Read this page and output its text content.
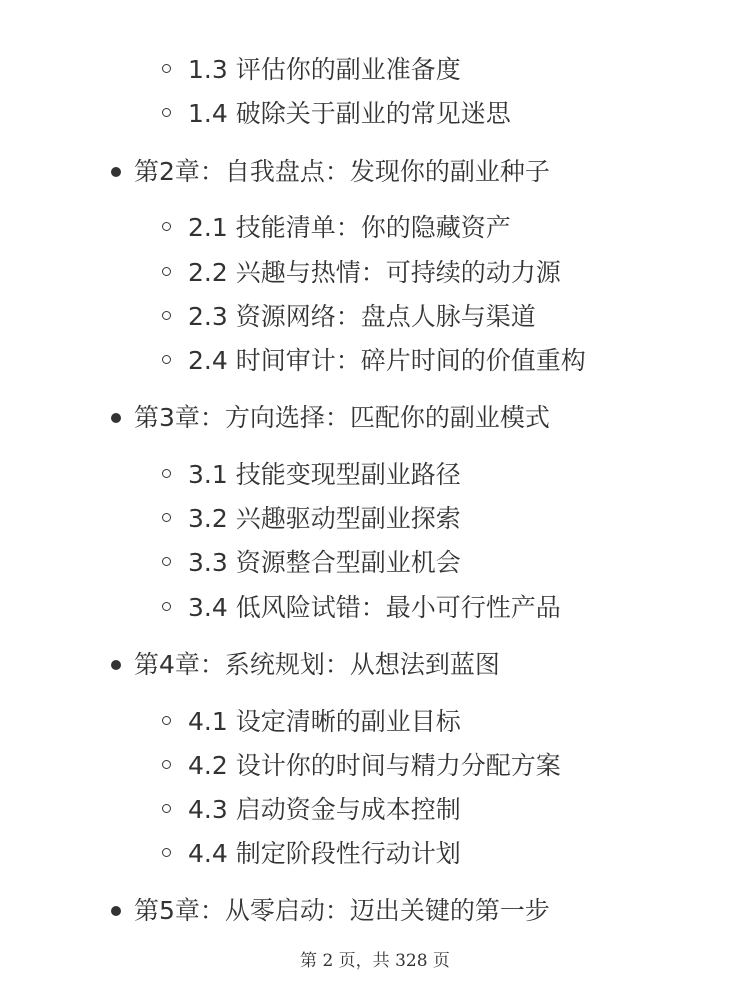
1.3 评估你的副业准备度
1.4 破除关于副业的常见迷思
第2章：自我盘点：发现你的副业种子
2.1 技能清单：你的隐藏资产
2.2 兴趣与热情：可持续的动力源
2.3 资源网络：盘点人脉与渠道
2.4 时间审计：碎片时间的价值重构
第3章：方向选择：匹配你的副业模式
3.1 技能变现型副业路径
3.2 兴趣驱动型副业探索
3.3 资源整合型副业机会
3.4 低风险试错：最小可行性产品
第4章：系统规划：从想法到蓝图
4.1 设定清晰的副业目标
4.2 设计你的时间与精力分配方案
4.3 启动资金与成本控制
4.4 制定阶段性行动计划
第5章：从零启动：迈出关键的第一步
第 2 页，共 328 页
